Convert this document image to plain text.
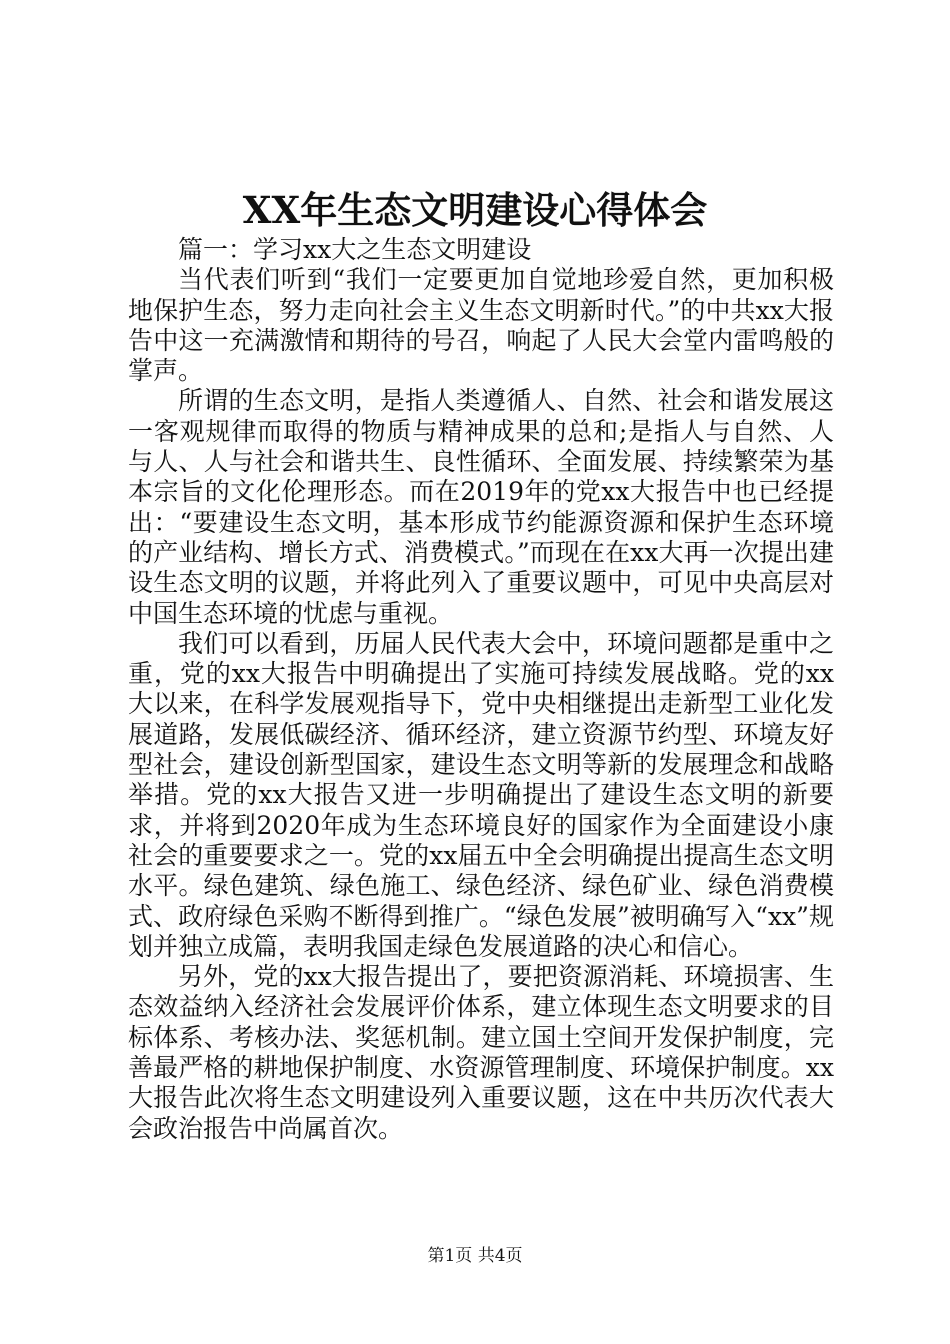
XX年生态文明建设心得体会

篇一：学习xx大之生态文明建设

当代表们听到“我们一定要更加自觉地珍爱自然，更加积极地保护生态，努力走向社会主义生态文明新时代。”的中共xx大报告中这一充满激情和期待的号召，响起了人民大会堂内雷鸣般的掌声。

所谓的生态文明，是指人类遵循人、自然、社会和谐发展这一客观规律而取得的物质与精神成果的总和;是指人与自然、人与人、人与社会和谐共生、良性循环、全面发展、持续繁荣为基本宗旨的文化伦理形态。而在2019年的党xx大报告中也已经提出：“要建设生态文明，基本形成节约能源资源和保护生态环境的产业结构、增长方式、消费模式。”而现在在xx大再一次提出建设生态文明的议题，并将此列入了重要议题中，可见中央高层对中国生态环境的忧虑与重视。

我们可以看到，历届人民代表大会中，环境问题都是重中之重，党的xx大报告中明确提出了实施可持续发展战略。党的xx大以来，在科学发展观指导下，党中央相继提出走新型工业化发展道路，发展低碳经济、循环经济，建立资源节约型、环境友好型社会，建设创新型国家，建设生态文明等新的发展理念和战略举措。党的xx大报告又进一步明确提出了建设生态文明的新要求，并将到2020年成为生态环境良好的国家作为全面建设小康社会的重要要求之一。党的xx届五中全会明确提出提高生态文明水平。绿色建筑、绿色施工、绿色经济、绿色矿业、绿色消费模式、政府绿色采购不断得到推广。“绿色发展”被明确写入“xx”规划并独立成篇，表明我国走绿色发展道路的决心和信心。

另外，党的xx大报告提出了，要把资源消耗、环境损害、生态效益纳入经济社会发展评价体系，建立体现生态文明要求的目标体系、考核办法、奖惩机制。建立国土空间开发保护制度，完善最严格的耕地保护制度、水资源管理制度、环境保护制度。xx大报告此次将生态文明建设列入重要议题，这在中共历次代表大会政治报告中尚属首次。

第1页 共4页
